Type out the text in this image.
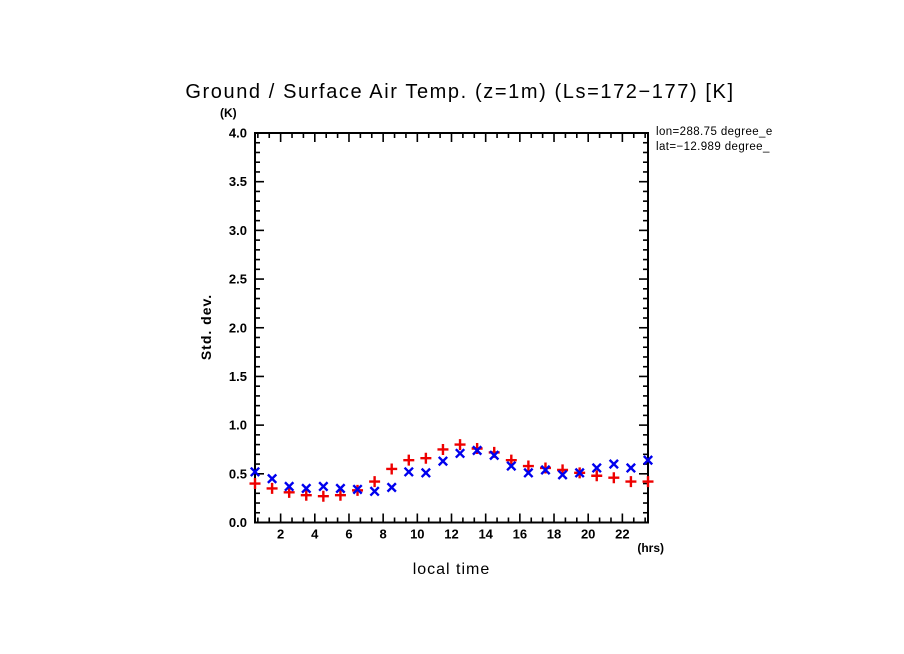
Ground / Surface Air Temp. (z=1m) (Ls=172−177) [K]
(K)
Std. dev.
local time
(hrs)
lon=288.75 degree_e
lat=−12.989 degree_
2 4 6 8 10 12 14 16 18 20 22
0.0
0.5
1.0
1.5
2.0
2.5
3.0
3.5
4.0
